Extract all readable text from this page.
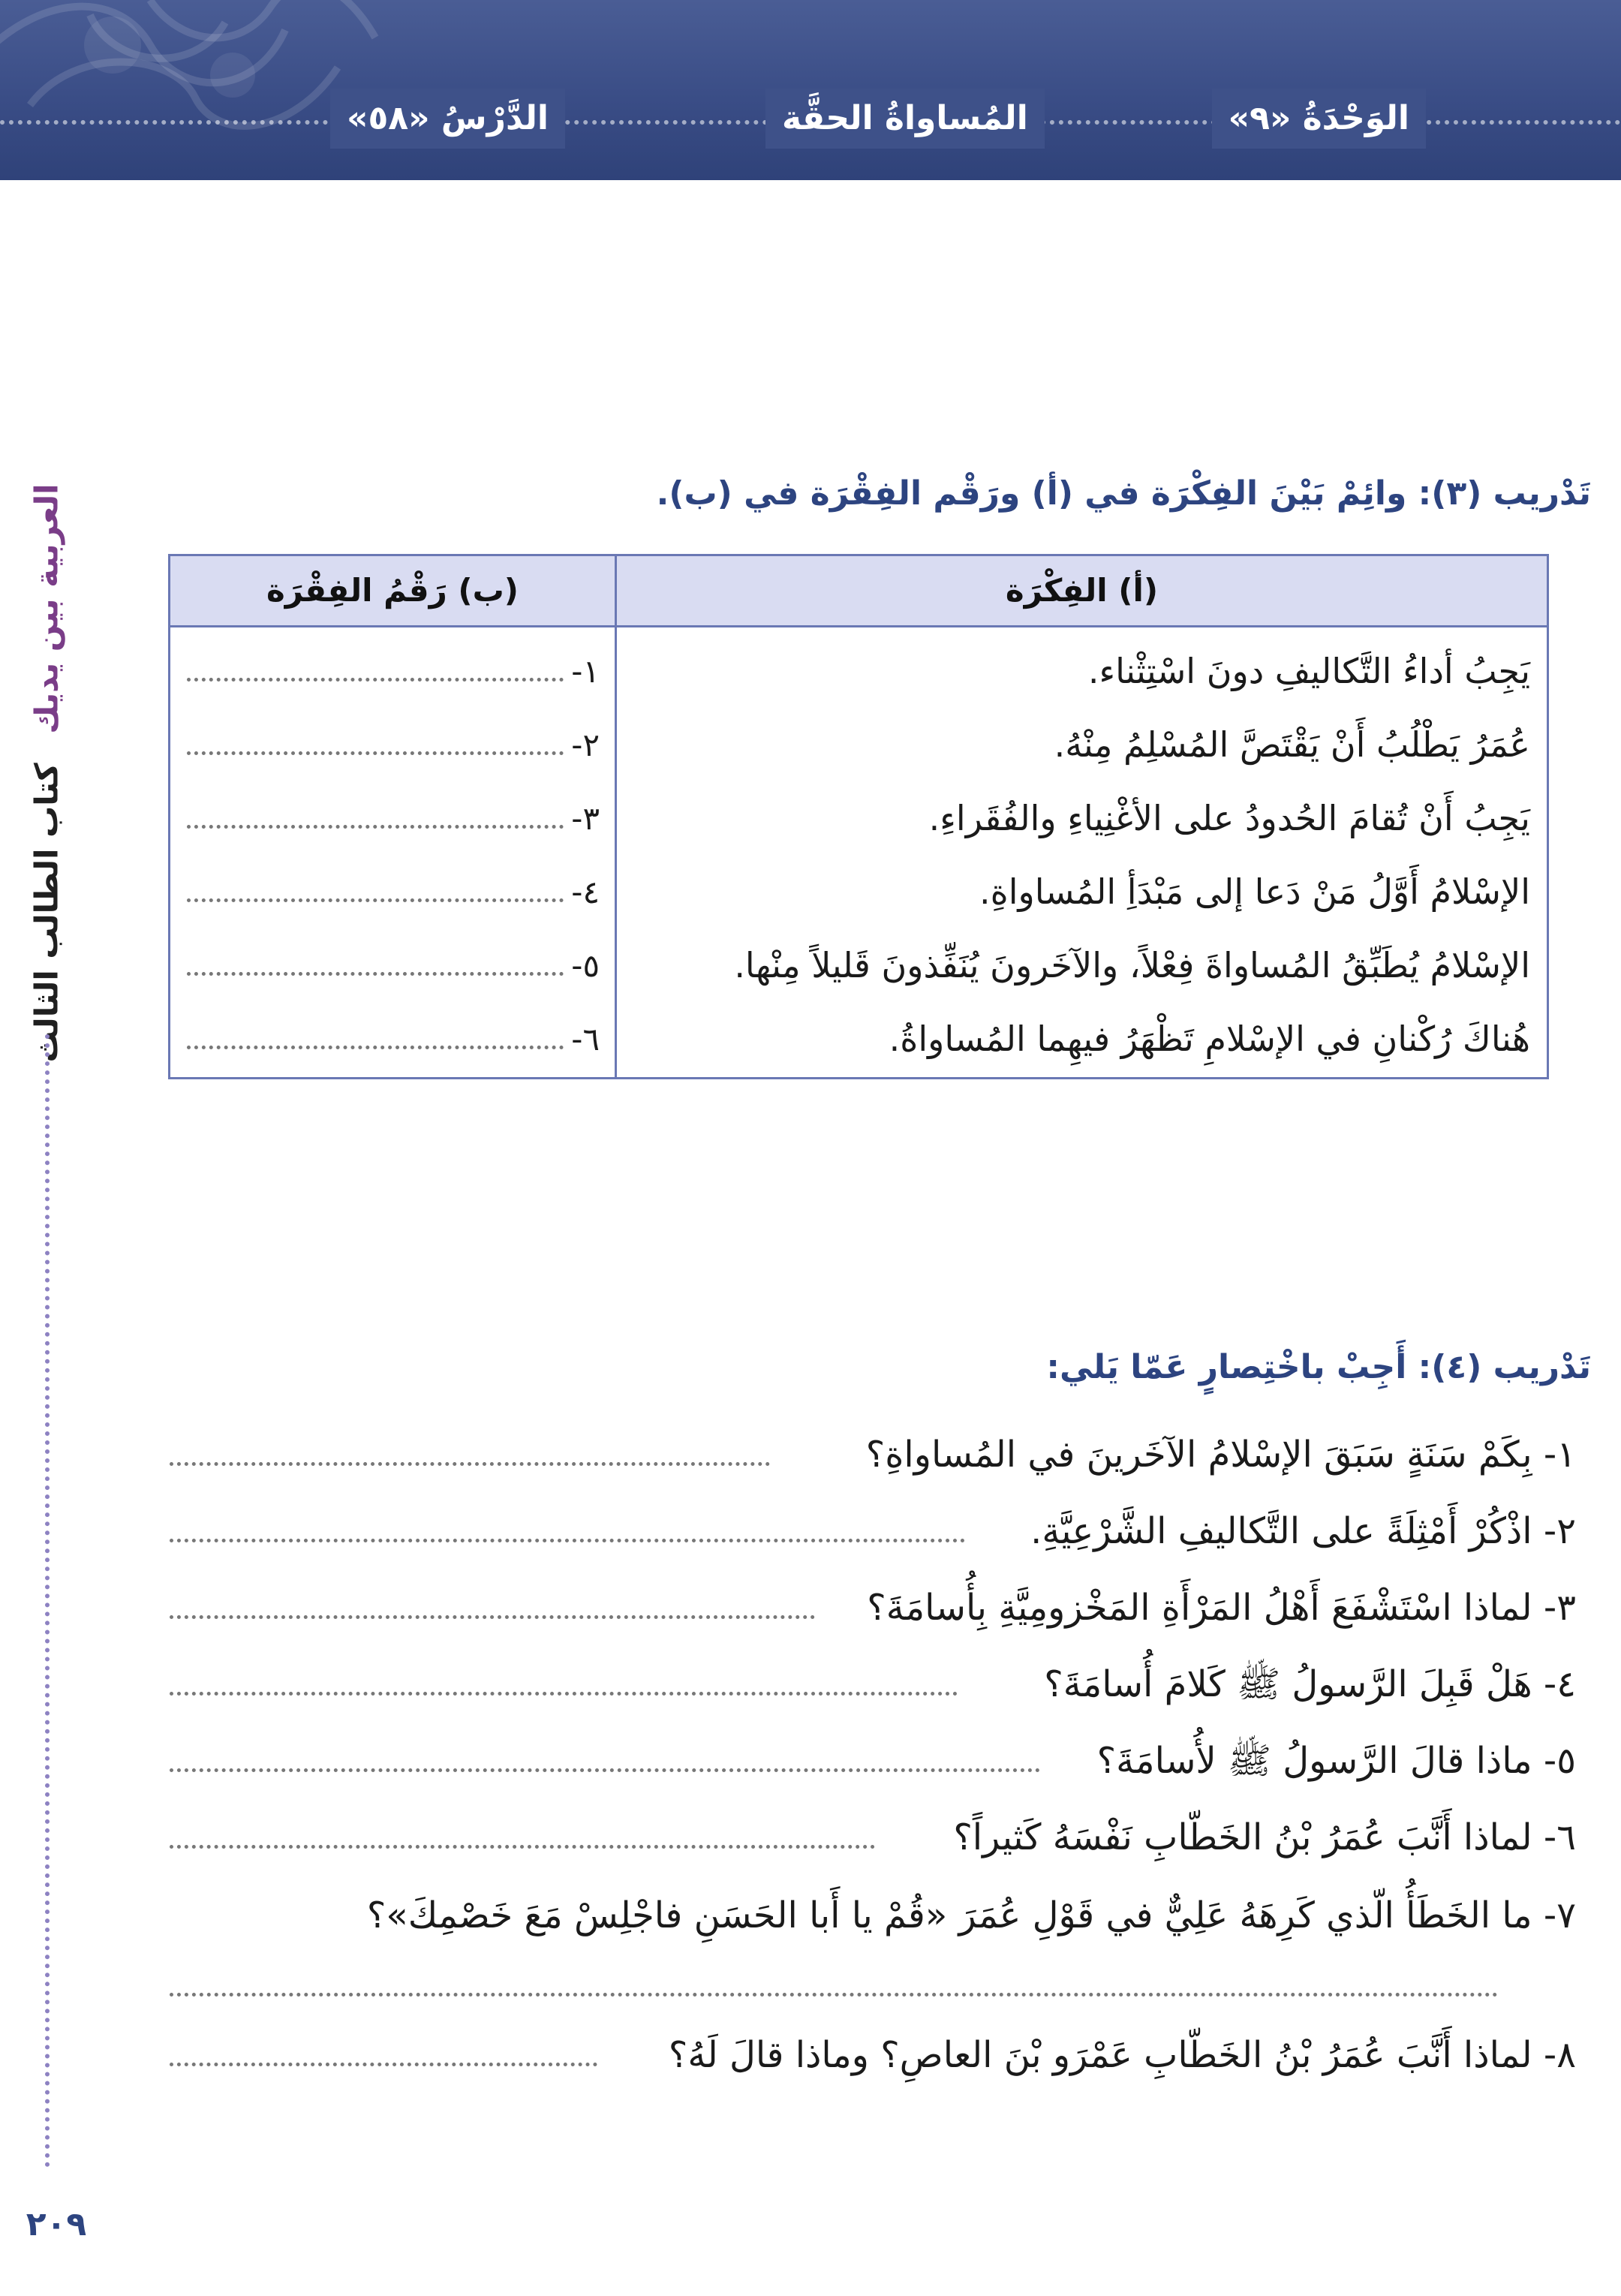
الوَحْدَةُ «٩»
المُساواةُ الحقَّة
الدَّرْسُ «٥٨»
العربية بين يديك كتاب الطالب الثالث
٢٠٩
تَدْريب (٣): وائِمْ بَيْنَ الفِكْرَة في (أ) ورَقْم الفِقْرَة في (ب).
(أ) الفِكْرَة
(ب) رَقْمُ الفِقْرَة
يَجِبُ أداءُ التَّكاليفِ دونَ اسْتِثْناء.
١-
عُمَرُ يَطْلُبُ أَنْ يَقْتَصَّ المُسْلِمُ مِنْهُ.
٢-
يَجِبُ أَنْ تُقامَ الحُدودُ على الأغْنِياءِ والفُقَراءِ.
٣-
الإسْلامُ أَوَّلُ مَنْ دَعا إلى مَبْدَأِ المُساواةِ.
٤-
الإسْلامُ يُطَبِّقُ المُساواةَ فِعْلاً، والآخَرونَ يُنَفِّذونَ قَليلاً مِنْها.
٥-
هُناكَ رُكْنانِ في الإسْلامِ تَظْهَرُ فيهِما المُساواةُ.
٦-
تَدْريب (٤): أَجِبْ باخْتِصارٍ عَمّا يَلي:
١- بِكَمْ سَنَةٍ سَبَقَ الإسْلامُ الآخَرينَ في المُساواةِ؟
٢- اذْكُرْ أَمْثِلَةً على التَّكاليفِ الشَّرْعِيَّةِ.
٣- لماذا اسْتَشْفَعَ أَهْلُ المَرْأَةِ المَخْزومِيَّةِ بِأُسامَةَ؟
٤- هَلْ قَبِلَ الرَّسولُ ﷺ كَلامَ أُسامَةَ؟
٥- ماذا قالَ الرَّسولُ ﷺ لأُسامَةَ؟
٦- لماذا أَنَّبَ عُمَرُ بْنُ الخَطّابِ نَفْسَهُ كَثيراً؟
٧- ما الخَطَأُ الّذي كَرِهَهُ عَلِيٌّ في قَوْلِ عُمَرَ «قُمْ يا أَبا الحَسَنِ فاجْلِسْ مَعَ خَصْمِكَ»؟
٨- لماذا أَنَّبَ عُمَرُ بْنُ الخَطّابِ عَمْرَو بْنَ العاصِ؟ وماذا قالَ لَهُ؟
